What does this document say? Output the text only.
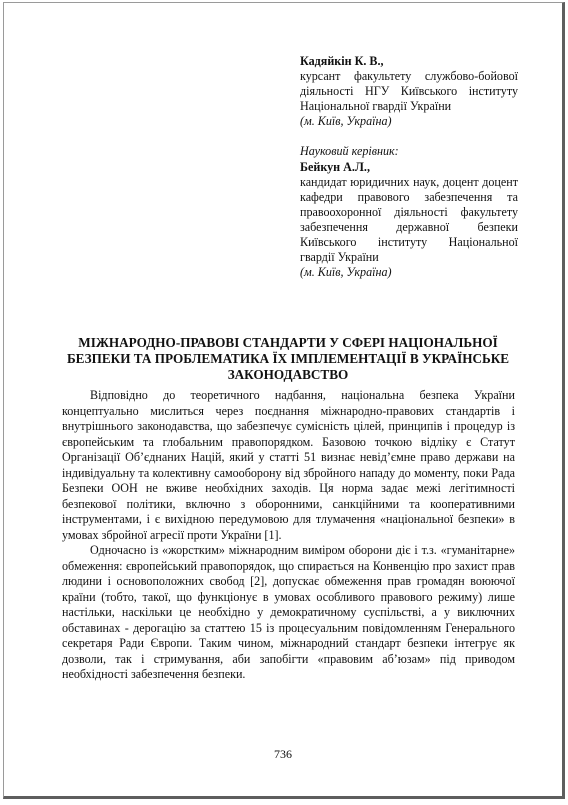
Кадяйкін К. В.,

курсант факультету службово-бойової діяльності НГУ Київського інституту Національної гвардії України

(м. Київ, Україна)

Науковий керівник:

Бейкун А.Л.,

кандидат юридичних наук, доцент доцент кафедри правового забезпечення та правоохоронної діяльності факультету забезпечення державної безпеки Київського інституту Національної гвардії України

(м. Київ, Україна)

МІЖНАРОДНО-ПРАВОВІ СТАНДАРТИ У СФЕРІ НАЦІОНАЛЬНОЇ БЕЗПЕКИ ТА ПРОБЛЕМАТИКА ЇХ ІМПЛЕМЕНТАЦІЇ В УКРАЇНСЬКЕ ЗАКОНОДАВСТВО

Відповідно до теоретичного надбання, національна безпека України концептуально мислиться через поєднання міжнародно-правових стандартів і внутрішнього законодавства, що забезпечує сумісність цілей, принципів і процедур із європейським та глобальним правопорядком. Базовою точкою відліку є Статут Організації Об’єднаних Націй, який у статті 51 визнає невід’ємне право держави на індивідуальну та колективну самооборону від збройного нападу до моменту, поки Рада Безпеки ООН не вживе необхідних заходів. Ця норма задає межі легітимності безпекової політики, включно з оборонними, санкційними та кооперативними інструментами, і є вихідною передумовою для тлумачення «національної безпеки» в умовах збройної агресії проти України [1].

Одночасно із «жорстким» міжнародним виміром оборони діє і т.з. «гуманітарне» обмеження: європейський правопорядок, що спирається на Конвенцію про захист прав людини і основоположних свобод [2], допускає обмеження прав громадян воюючої країни (тобто, такої, що функціонує в умовах особливого правового режиму) лише настільки, наскільки це необхідно у демократичному суспільстві, а у виключних обставинах - дерогацію за статтею 15 із процесуальним повідомленням Генерального секретаря Ради Європи. Таким чином, міжнародний стандарт безпеки інтегрує як дозволи, так і стримування, аби запобігти «правовим аб’юзам» під приводом необхідності забезпечення безпеки.

736
